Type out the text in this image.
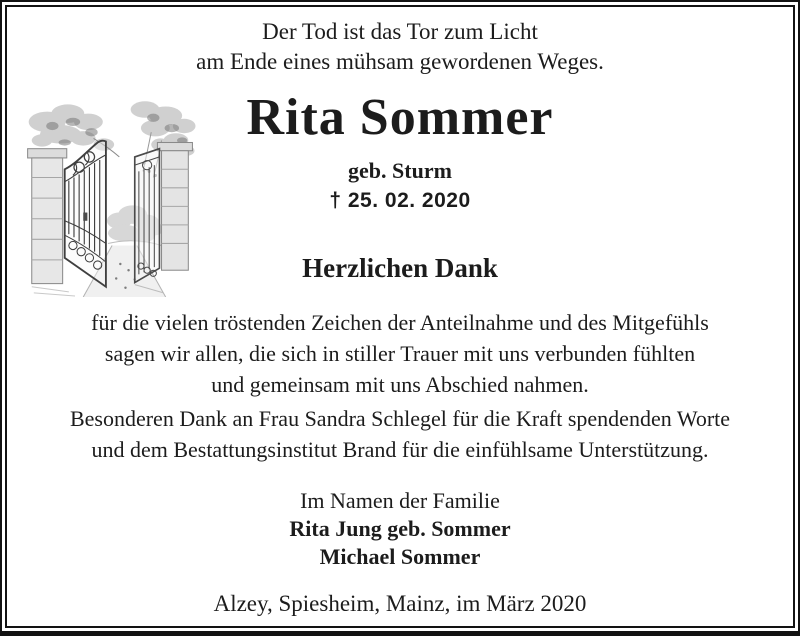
Der Tod ist das Tor zum Licht
am Ende eines mühsam gewordenen Weges.
Rita Sommer
geb. Sturm
† 25. 02. 2020
Herzlichen Dank
für die vielen tröstenden Zeichen der Anteilnahme und des Mitgefühls
sagen wir allen, die sich in stiller Trauer mit uns verbunden fühlten
und gemeinsam mit uns Abschied nahmen.
Besonderen Dank an Frau Sandra Schlegel für die Kraft spendenden Worte
und dem Bestattungsinstitut Brand für die einfühlsame Unterstützung.
Im Namen der Familie
Rita Jung geb. Sommer
Michael Sommer
Alzey, Spiesheim, Mainz, im März 2020
